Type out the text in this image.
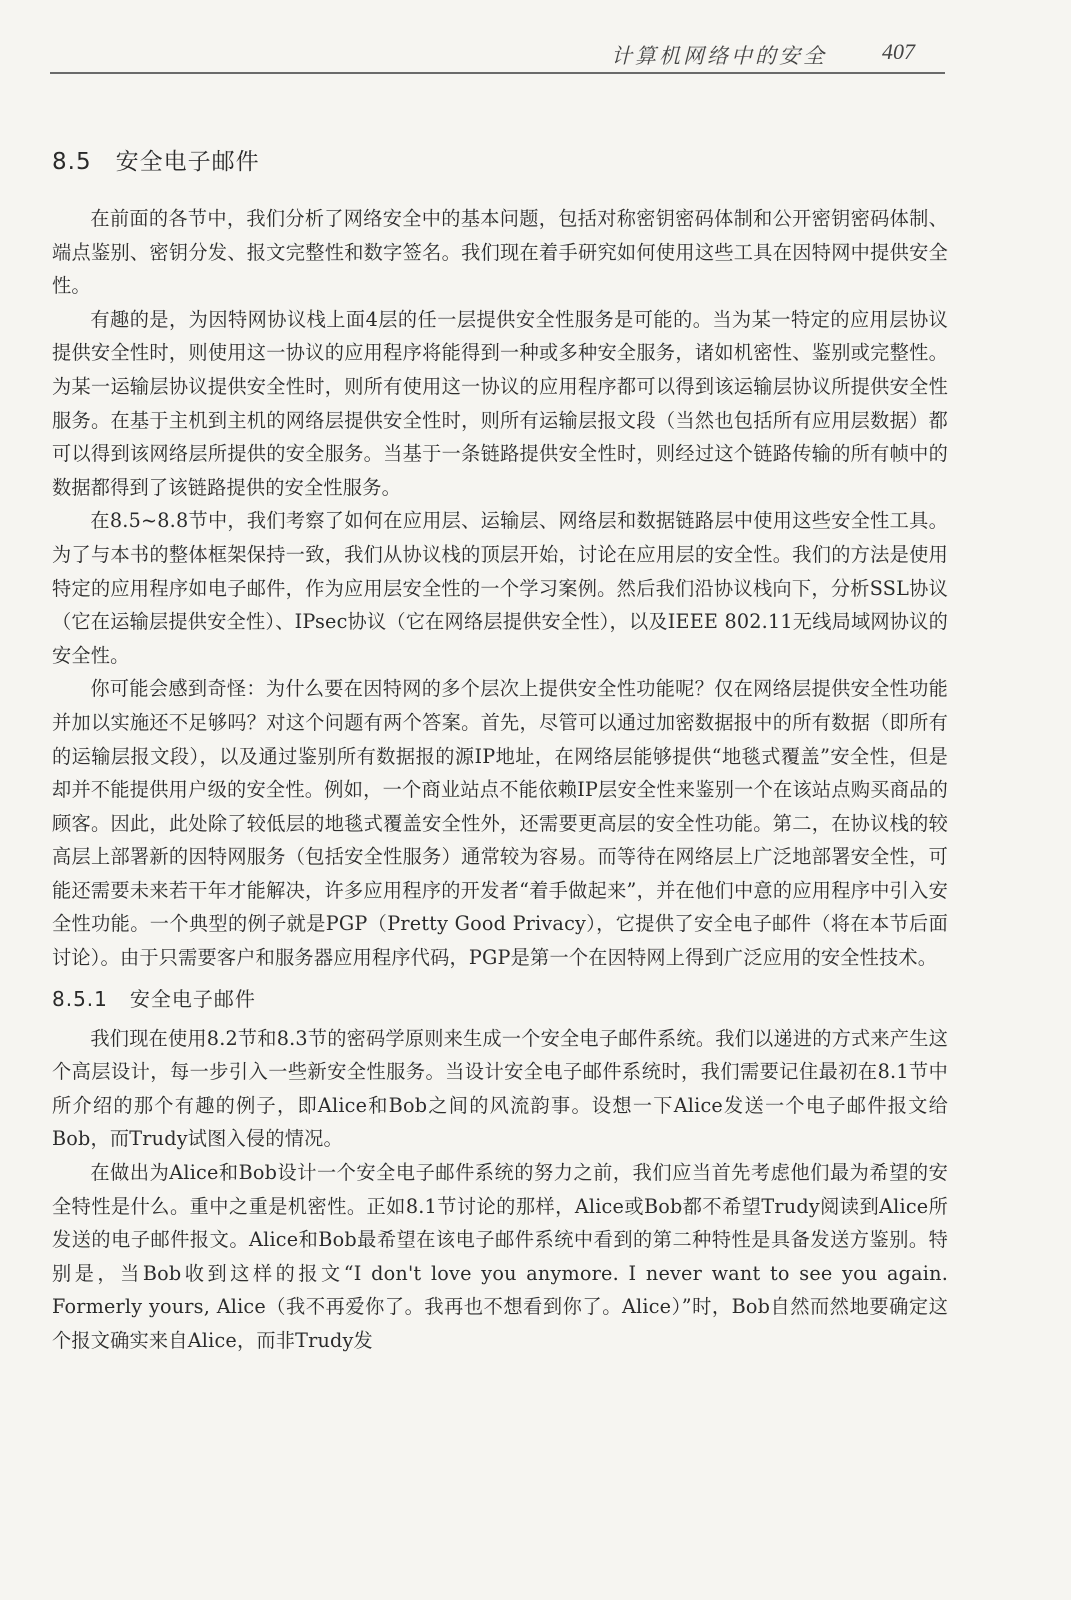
计算机网络中的安全	407
8.5 安全电子邮件

在前面的各节中，我们分析了网络安全中的基本问题，包括对称密钥密码体制和公开密钥密码体制、端点鉴别、密钥分发、报文完整性和数字签名。我们现在着手研究如何使用这些工具在因特网中提供安全性。

有趣的是，为因特网协议栈上面4层的任一层提供安全性服务是可能的。当为某一特定的应用层协议提供安全性时，则使用这一协议的应用程序将能得到一种或多种安全服务，诸如机密性、鉴别或完整性。为某一运输层协议提供安全性时，则所有使用这一协议的应用程序都可以得到该运输层协议所提供安全性服务。在基于主机到主机的网络层提供安全性时，则所有运输层报文段（当然也包括所有应用层数据）都可以得到该网络层所提供的安全服务。当基于一条链路提供安全性时，则经过这个链路传输的所有帧中的数据都得到了该链路提供的安全性服务。

在8.5~8.8节中，我们考察了如何在应用层、运输层、网络层和数据链路层中使用这些安全性工具。为了与本书的整体框架保持一致，我们从协议栈的顶层开始，讨论在应用层的安全性。我们的方法是使用特定的应用程序如电子邮件，作为应用层安全性的一个学习案例。然后我们沿协议栈向下，分析SSL协议（它在运输层提供安全性）、IPsec协议（它在网络层提供安全性），以及IEEE 802.11无线局域网协议的安全性。

你可能会感到奇怪：为什么要在因特网的多个层次上提供安全性功能呢？仅在网络层提供安全性功能并加以实施还不足够吗？对这个问题有两个答案。首先，尽管可以通过加密数据报中的所有数据（即所有的运输层报文段），以及通过鉴别所有数据报的源IP地址，在网络层能够提供“地毯式覆盖”安全性，但是却并不能提供用户级的安全性。例如，一个商业站点不能依赖IP层安全性来鉴别一个在该站点购买商品的顾客。因此，此处除了较低层的地毯式覆盖安全性外，还需要更高层的安全性功能。第二，在协议栈的较高层上部署新的因特网服务（包括安全性服务）通常较为容易。而等待在网络层上广泛地部署安全性，可能还需要未来若干年才能解决，许多应用程序的开发者“着手做起来”，并在他们中意的应用程序中引入安全性功能。一个典型的例子就是PGP（Pretty Good Privacy），它提供了安全电子邮件（将在本节后面讨论）。由于只需要客户和服务器应用程序代码，PGP是第一个在因特网上得到广泛应用的安全性技术。

8.5.1 安全电子邮件

我们现在使用8.2节和8.3节的密码学原则来生成一个安全电子邮件系统。我们以递进的方式来产生这个高层设计，每一步引入一些新安全性服务。当设计安全电子邮件系统时，我们需要记住最初在8.1节中所介绍的那个有趣的例子，即Alice和Bob之间的风流韵事。设想一下Alice发送一个电子邮件报文给Bob，而Trudy试图入侵的情况。

在做出为Alice和Bob设计一个安全电子邮件系统的努力之前，我们应当首先考虑他们最为希望的安全特性是什么。重中之重是机密性。正如8.1节讨论的那样，Alice或Bob都不希望Trudy阅读到Alice所发送的电子邮件报文。Alice和Bob最希望在该电子邮件系统中看到的第二种特性是具备发送方鉴别。特别是，当Bob收到这样的报文“I don't love you anymore. I never want to see you again. Formerly yours, Alice（我不再爱你了。我再也不想看到你了。Alice）”时，Bob自然而然地要确定这个报文确实来自Alice，而非Trudy发
